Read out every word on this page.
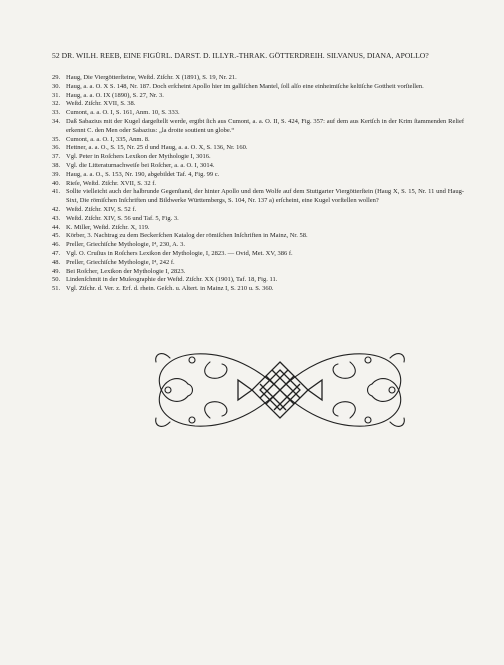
52 DR. WILH. REEB, EINE FIGÜRL. DARST. D. ILLYR.-THRAK. GÖTTERDREIH. SILVANUS, DIANA, APOLLO?
29. Haug, Die Viergötterſteine, Weſtd. Ztſchr. X (1891), S. 19, Nr. 21.
30. Haug, a. a. O. X S. 148, Nr. 187. Doch erſcheint Apollo hier im galliſchen Mantel, ſoll alſo eine einheimiſche keltiſche Gottheit vorſtellen.
31. Haug, a. a. O. IX (1890), S. 27, Nr. 3.
32. Weſtd. Ztſchr. XVII, S. 38.
33. Cumont, a. a. O. I, S. 161, Anm. 10, S. 333.
34. Daß Sabazius mit der Kugel dargeſtellt werde, ergibt ſich aus Cumont, a. a. O. II, S. 424, Fig. 357: auf dem aus Kertſch in der Krim ſtammenden Relief erkennt C. den Men oder Sabazius: „la droite soutient un globe.“
35. Cumont, a. a. O. I, 335, Anm. 8.
36. Hettner, a. a. O., S. 15, Nr. 25 d und Haug, a. a. O. X, S. 136, Nr. 160.
37. Vgl. Peter in Roſchers Lexikon der Mythologie I, 3016.
38. Vgl. die Litteraturnachweiſe bei Roſcher, a. a. O. I, 3014.
39. Haug, a. a. O., S. 153, Nr. 190, abgebildet Taf. 4, Fig. 99 c.
40. Rieſe, Weſtd. Ztſchr. XVII, S. 32 f.
41. Sollte vielleicht auch der halbrunde Gegenſtand, der hinter Apollo und dem Wolfe auf dem Stuttgarter Viergötterſtein (Haug X, S. 15, Nr. 11 und Haug-Sixt, Die römiſchen Inſchriften und Bildwerke Württembergs, S. 104, Nr. 137 a) erſcheint, eine Kugel vorſtellen wollen?
42. Weſtd. Ztſchr. XIV, S. 52 f.
43. Weſtd. Ztſchr. XIV, S. 56 und Taf. 5, Fig. 3.
44. K. Miller, Weſtd. Ztſchr. X, 119.
45. Körber, 3. Nachtrag zu dem Beckerſchen Katalog der römiſchen Inſchriften in Mainz, Nr. 58.
46. Preller, Griechiſche Mythologie, I⁴, 230, A. 3.
47. Vgl. O. Cruſius in Roſchers Lexikon der Mythologie, I, 2823. — Ovid, Met. XV, 386 f.
48. Preller, Griechiſche Mythologie, I⁴, 242 f.
49. Bei Roſcher, Lexikon der Mythologie I, 2823.
50. Lindenſchmit in der Muſeographie der Weſtd. Ztſchr. XX (1901), Taf. 18, Fig. 11.
51. Vgl. Ztſchr. d. Ver. z. Erf. d. rhein. Geſch. u. Altert. in Mainz I, S. 210 u. S. 360.
